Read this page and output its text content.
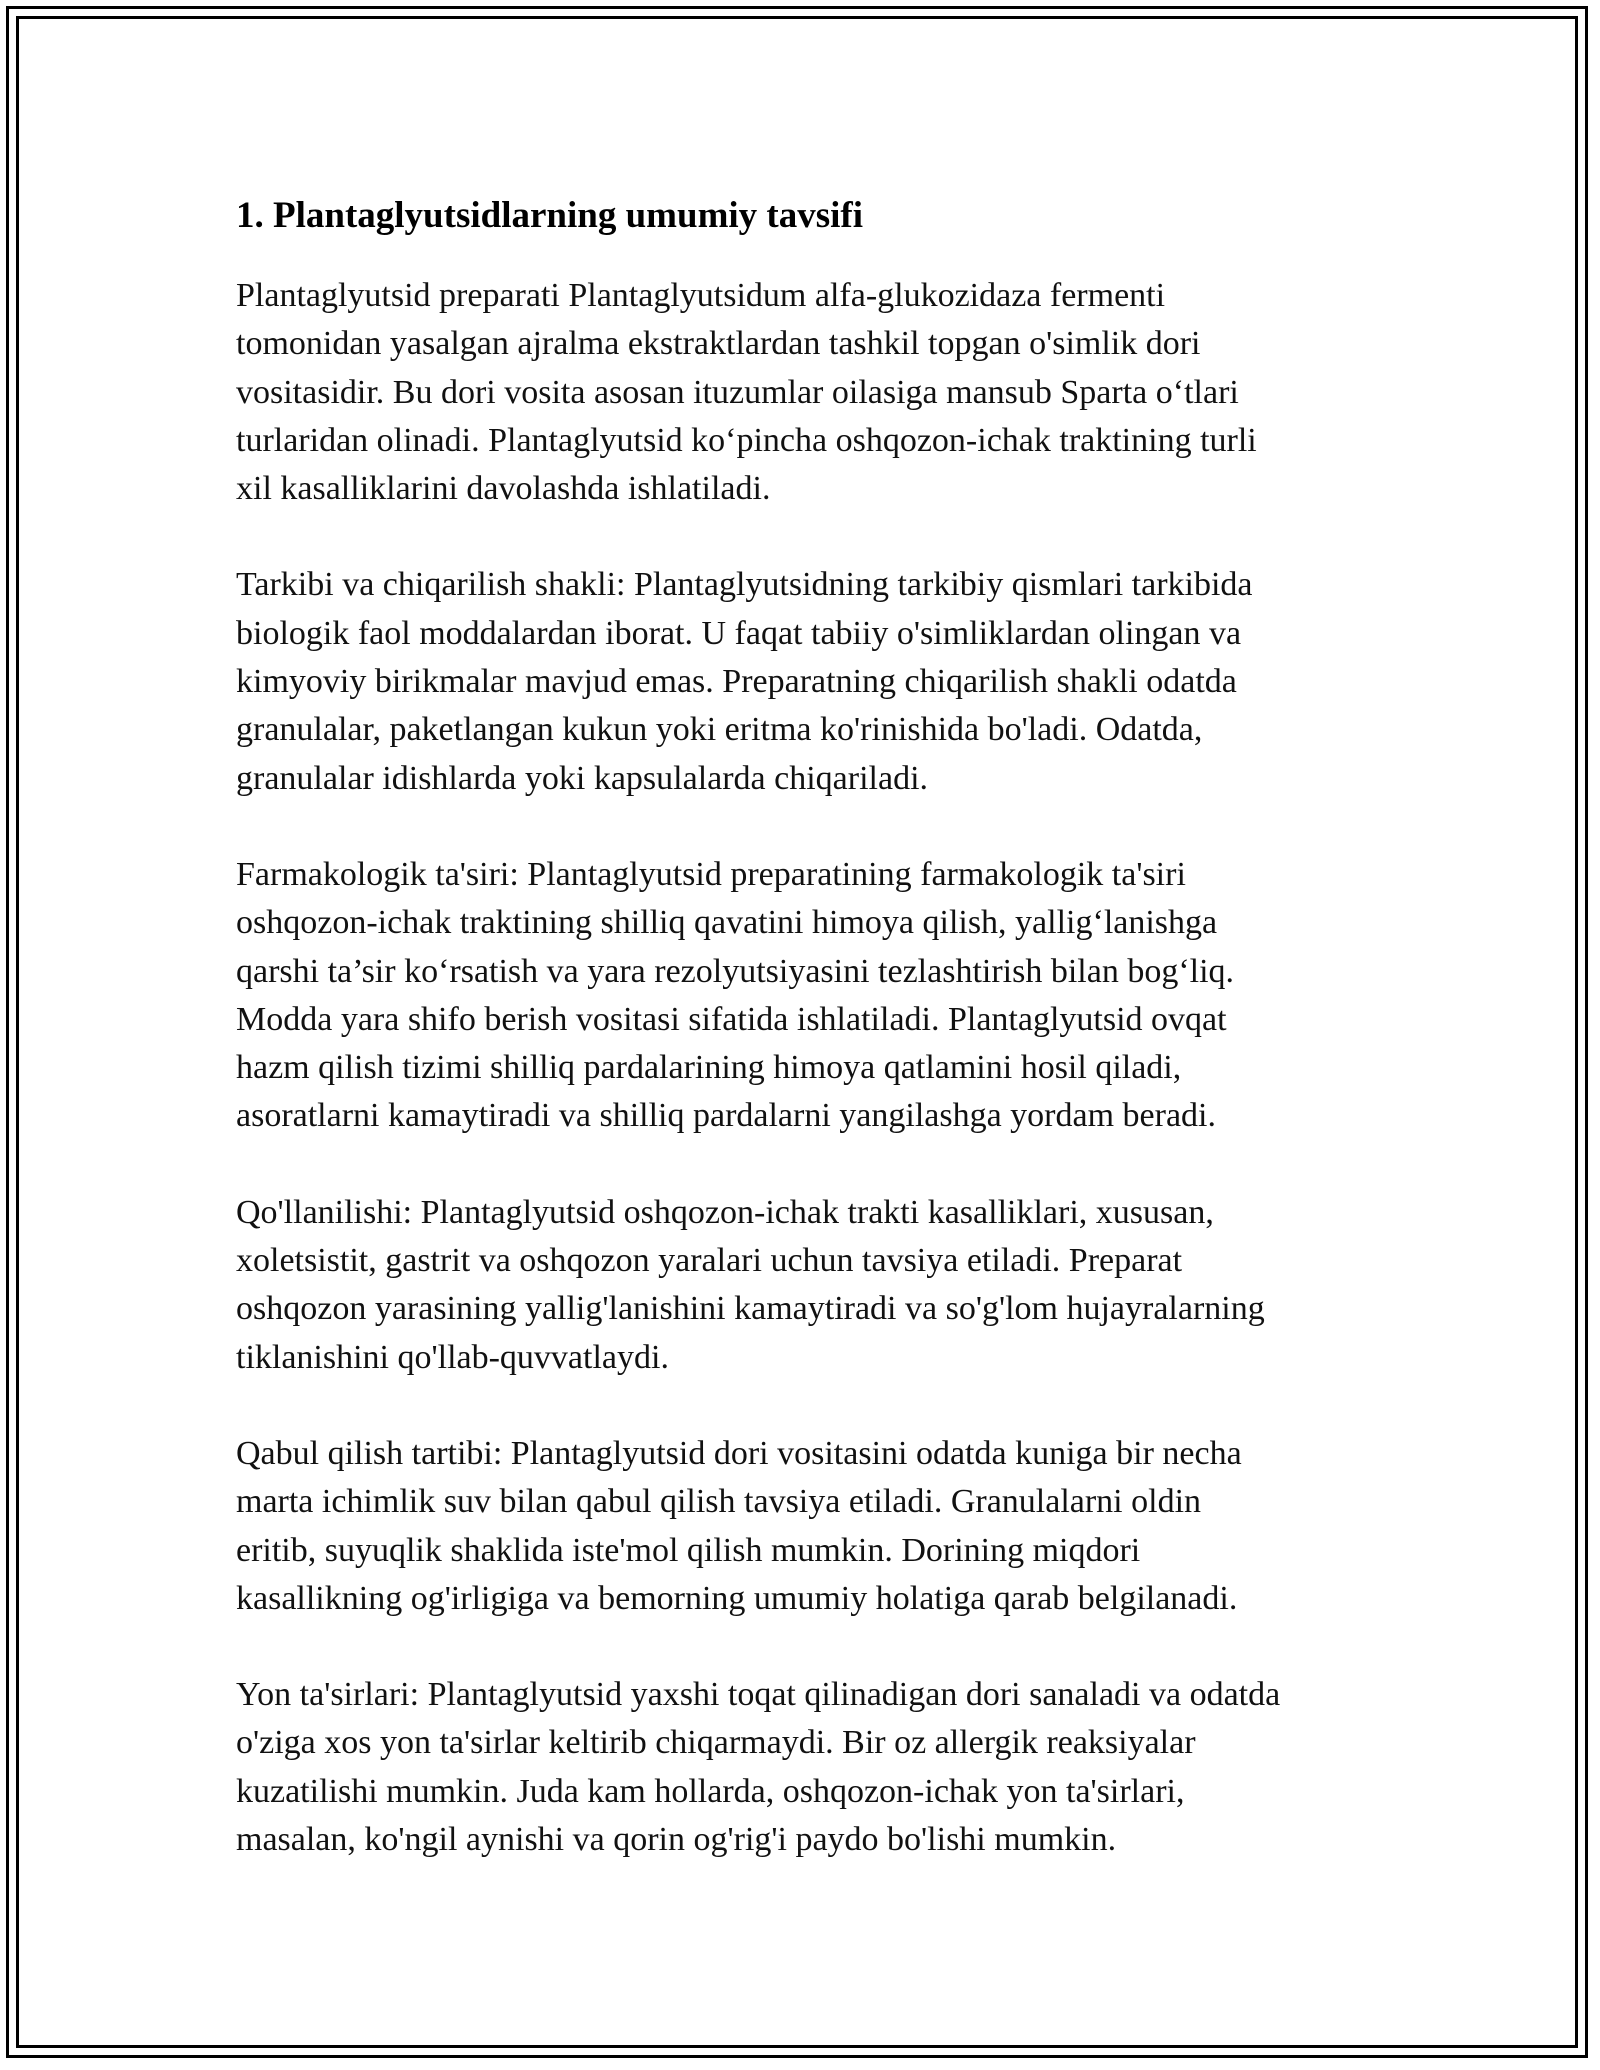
1. Plantaglyutsidlarning umumiy tavsifi

Plantaglyutsid preparati Plantaglyutsidum alfa-glukozidaza fermenti
tomonidan yasalgan ajralma ekstraktlardan tashkil topgan o'simlik dori
vositasidir. Bu dori vosita asosan ituzumlar oilasiga mansub Sparta o‘tlari
turlaridan olinadi. Plantaglyutsid ko‘pincha oshqozon-ichak traktining turli
xil kasalliklarini davolashda ishlatiladi.

Tarkibi va chiqarilish shakli: Plantaglyutsidning tarkibiy qismlari tarkibida
biologik faol moddalardan iborat. U faqat tabiiy o'simliklardan olingan va
kimyoviy birikmalar mavjud emas. Preparatning chiqarilish shakli odatda
granulalar, paketlangan kukun yoki eritma ko'rinishida bo'ladi. Odatda,
granulalar idishlarda yoki kapsulalarda chiqariladi.

Farmakologik ta'siri: Plantaglyutsid preparatining farmakologik ta'siri
oshqozon-ichak traktining shilliq qavatini himoya qilish, yallig‘lanishga
qarshi ta’sir ko‘rsatish va yara rezolyutsiyasini tezlashtirish bilan bog‘liq.
Modda yara shifo berish vositasi sifatida ishlatiladi. Plantaglyutsid ovqat
hazm qilish tizimi shilliq pardalarining himoya qatlamini hosil qiladi,
asoratlarni kamaytiradi va shilliq pardalarni yangilashga yordam beradi.

Qo'llanilishi: Plantaglyutsid oshqozon-ichak trakti kasalliklari, xususan,
xoletsistit, gastrit va oshqozon yaralari uchun tavsiya etiladi. Preparat
oshqozon yarasining yallig'lanishini kamaytiradi va so'g'lom hujayralarning
tiklanishini qo'llab-quvvatlaydi.

Qabul qilish tartibi: Plantaglyutsid dori vositasini odatda kuniga bir necha
marta ichimlik suv bilan qabul qilish tavsiya etiladi. Granulalarni oldin
eritib, suyuqlik shaklida iste'mol qilish mumkin. Dorining miqdori
kasallikning og'irligiga va bemorning umumiy holatiga qarab belgilanadi.

Yon ta'sirlari: Plantaglyutsid yaxshi toqat qilinadigan dori sanaladi va odatda
o'ziga xos yon ta'sirlar keltirib chiqarmaydi. Bir oz allergik reaksiyalar
kuzatilishi mumkin. Juda kam hollarda, oshqozon-ichak yon ta'sirlari,
masalan, ko'ngil aynishi va qorin og'rig'i paydo bo'lishi mumkin.
